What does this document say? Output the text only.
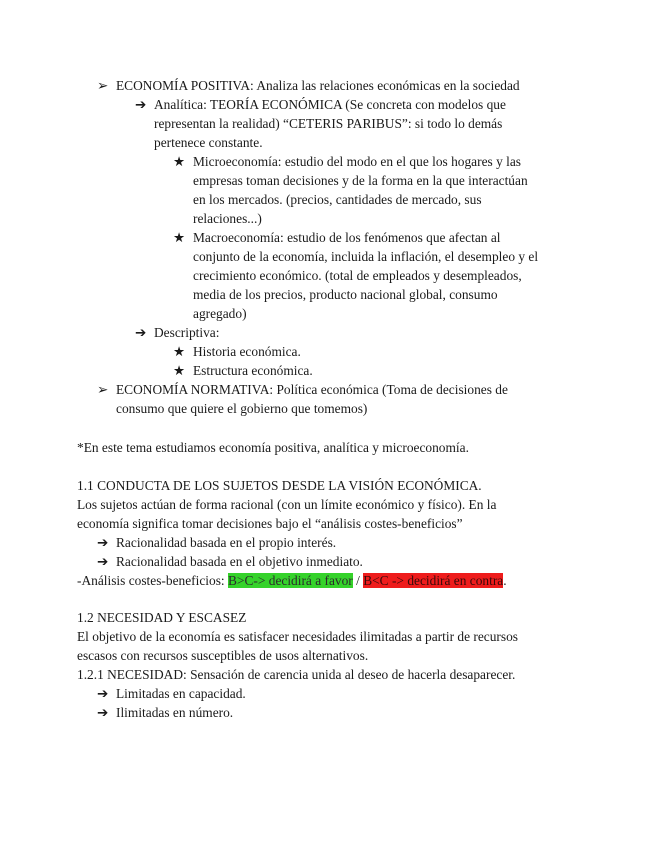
➢ ECONOMÍA POSITIVA: Analiza las relaciones económicas en la sociedad
➔ Analítica: TEORÍA ECONÓMICA (Se concreta con modelos que
representan la realidad) “CETERIS PARIBUS”: si todo lo demás
pertenece constante.
★ Microeconomía: estudio del modo en el que los hogares y las
empresas toman decisiones y de la forma en la que interactúan
en los mercados. (precios, cantidades de mercado, sus
relaciones...)
★ Macroeconomía: estudio de los fenómenos que afectan al
conjunto de la economía, incluida la inflación, el desempleo y el
crecimiento económico. (total de empleados y desempleados,
media de los precios, producto nacional global, consumo
agregado)
➔ Descriptiva:
★ Historia económica.
★ Estructura económica.
➢ ECONOMÍA NORMATIVA: Política económica (Toma de decisiones de
consumo que quiere el gobierno que tomemos)
*En este tema estudiamos economía positiva, analítica y microeconomía.
1.1 CONDUCTA DE LOS SUJETOS DESDE LA VISIÓN ECONÓMICA.
Los sujetos actúan de forma racional (con un límite económico y físico). En la
economía significa tomar decisiones bajo el “análisis costes-beneficios”
➔ Racionalidad basada en el propio interés.
➔ Racionalidad basada en el objetivo inmediato.
-Análisis costes-beneficios: B>C-> decidirá a favor / B<C -> decidirá en contra.
1.2 NECESIDAD Y ESCASEZ
El objetivo de la economía es satisfacer necesidades ilimitadas a partir de recursos
escasos con recursos susceptibles de usos alternativos.
1.2.1 NECESIDAD: Sensación de carencia unida al deseo de hacerla desaparecer.
➔ Limitadas en capacidad.
➔ Ilimitadas en número.
